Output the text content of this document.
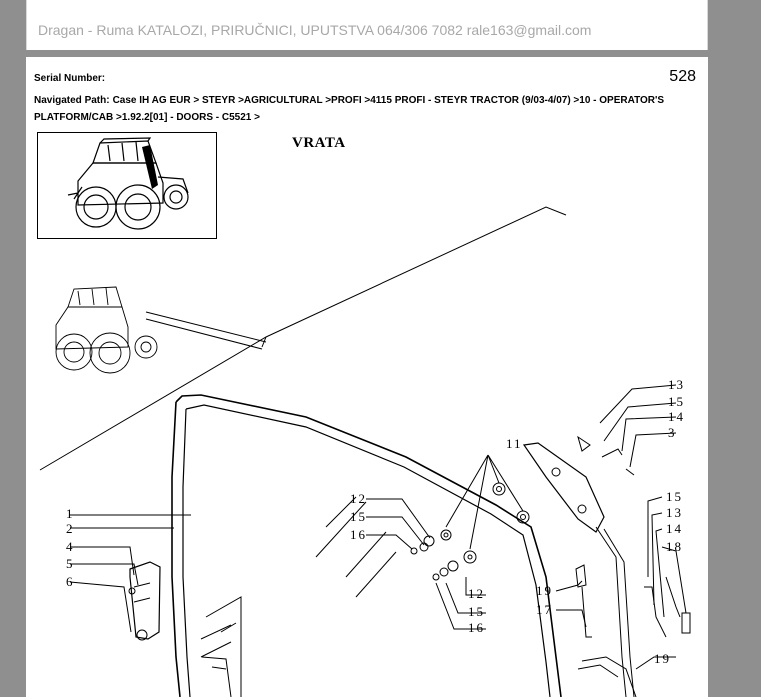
Dragan - Ruma KATALOZI, PRIRUČNICI, UPUTSTVA 064/306 7082 rale163@gmail.com
528
Serial Number:
Navigated Path: Case IH AG EUR > STEYR >AGRICULTURAL >PROFI >4115 PROFI - STEYR TRACTOR (9/03-4/07) >10 - OPERATOR'S PLATFORM/CAB >1.92.2[01] - DOORS - C5521 >
VRATA
1
2
4
5
6
12
15
16
11
12
15
16
13
15
14
3
15
13
14
18
19
17
19
